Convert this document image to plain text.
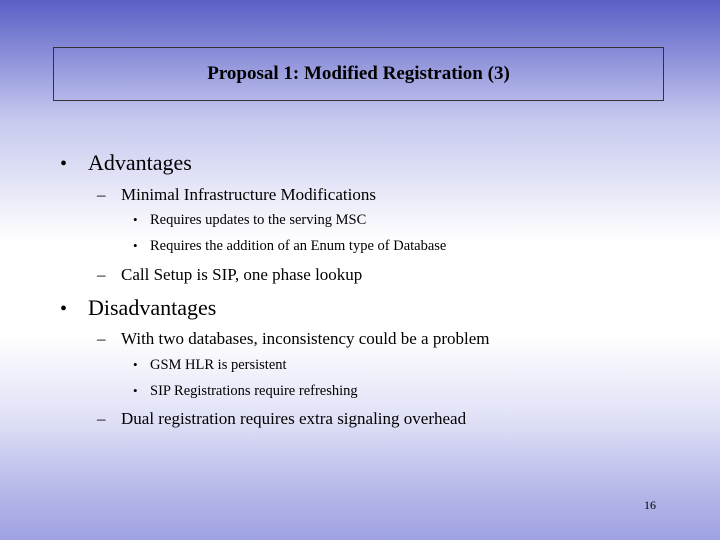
Proposal 1: Modified Registration (3)
• Advantages
– Minimal Infrastructure Modifications
• Requires updates to the serving MSC
• Requires the addition of an Enum type of Database
– Call Setup is SIP, one phase lookup
• Disadvantages
– With two databases, inconsistency could be a problem
• GSM HLR is persistent
• SIP Registrations require refreshing
– Dual registration requires extra signaling overhead
16
